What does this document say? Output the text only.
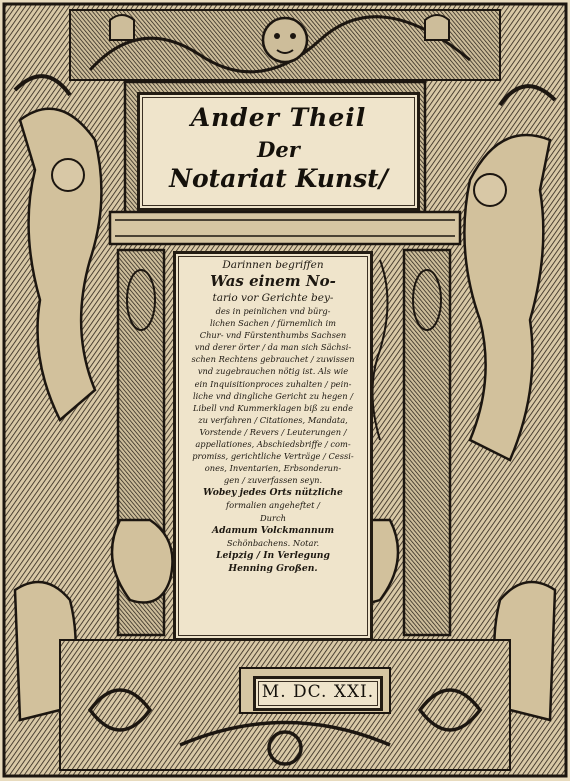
Ander Theil
Der
Notariat Kunst/
Darinnen begriffen
Was einem No-
tario vor Gerichte bey-
des in peinlichen vnd bürg-
lichen Sachen / fürnemlich im
Chur- vnd Fürstenthumbs Sachsen
vnd derer örter / da man sich Sächsi-
schen Rechtens gebrauchet / zuwissen
vnd zugebrauchen nötig ist. Als wie
ein Inquisitionproces zuhalten / pein-
liche vnd dingliche Gericht zu hegen /
Libell vnd Kummerklagen biß zu ende
zu verfahren / Citationes, Mandata,
Vorstende / Revers / Leuterungen /
appellationes, Abschiedsbriffe / com-
promiss, gerichtliche Verträge / Cessi-
ones, Inventarien, Erbsonderun-
gen / zuverfassen seyn.
Wobey jedes Orts nützliche
formalien angeheftet /
Durch
Adamum Volckmannum
Schönbachens. Notar.
Leipzig / In Verlegung
Henning Großen.
M. DC. XXI.
